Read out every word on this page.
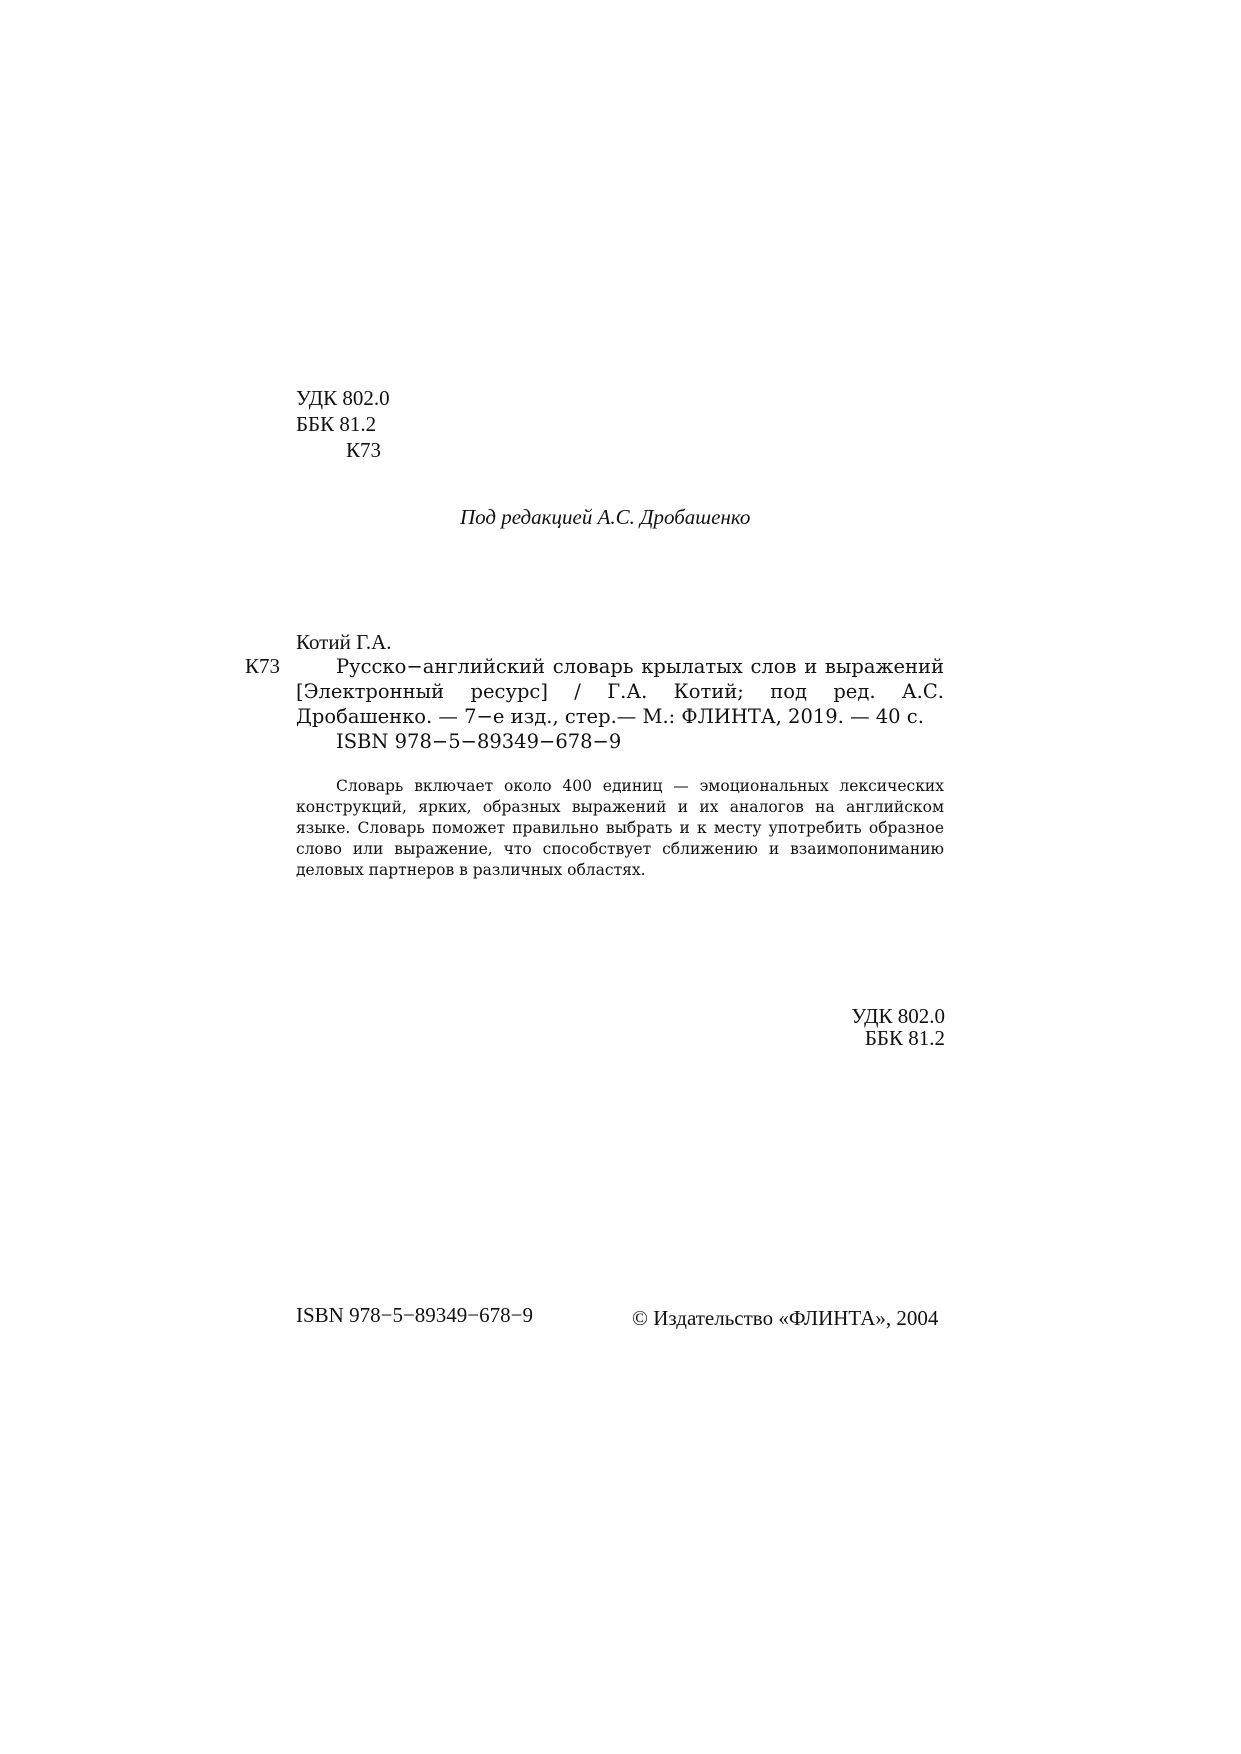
УДК 802.0
ББК 81.2
К73
Под редакцией А.С. Дробашенко
Котий Г.А.
К73	Русско−английский словарь крылатых слов и выражений [Электронный ресурс] / Г.А. Котий; под ред. А.С. Дробашенко. — 7−е изд., стер.— М.: ФЛИНТА, 2019. — 40 с.
ISBN 978−5−89349−678−9
Словарь включает около 400 единиц — эмоциональных лексических конструкций, ярких, образных выражений и их аналогов на английском языке. Словарь поможет правильно выбрать и к месту употребить образное слово или выражение, что способствует сближению и взаимопониманию деловых партнеров в различных областях.
УДК 802.0
ББК 81.2
ISBN 978−5−89349−678−9	© Издательство «ФЛИНТА», 2004
